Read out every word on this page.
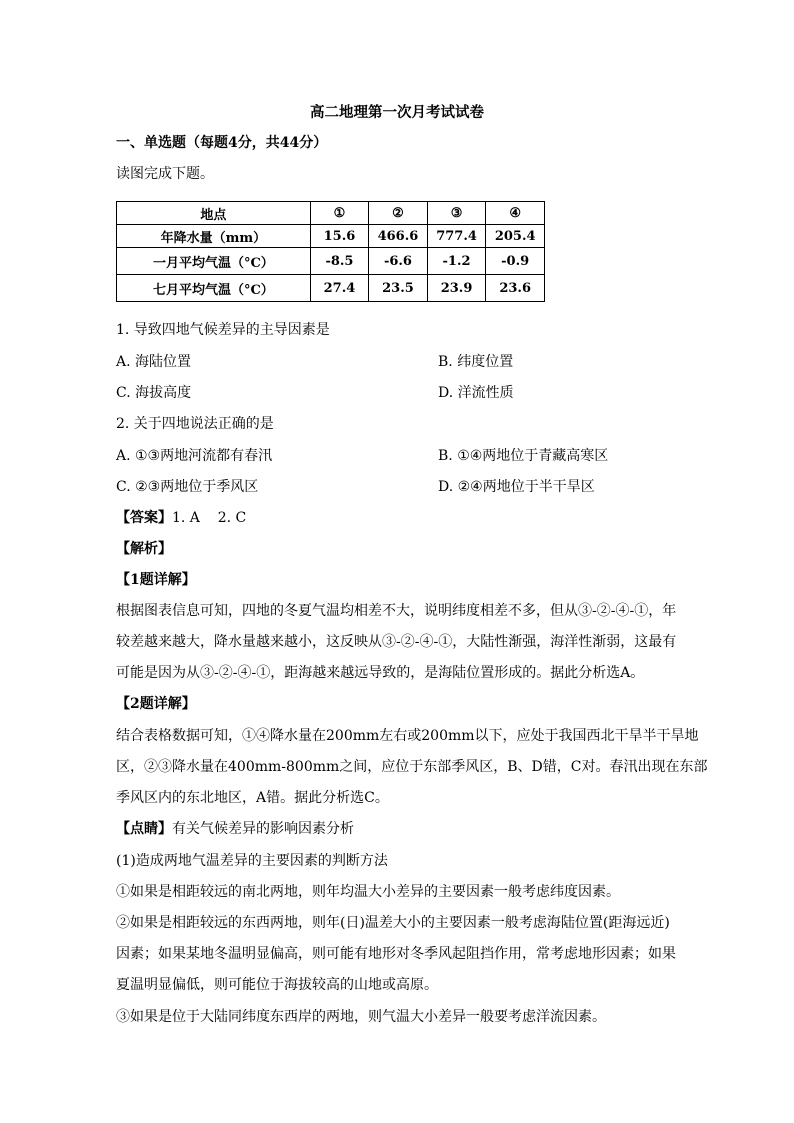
高二地理第一次月考试试卷
一、单选题（每题4分，共44分）
读图完成下题。
地点	①	②	③	④
年降水量（mm）	15.6	466.6	777.4	205.4
一月平均气温（°C）	-8.5	-6.6	-1.2	-0.9
七月平均气温（°C）	27.4	23.5	23.9	23.6
1. 导致四地气候差异的主导因素是
A. 海陆位置	B. 纬度位置
C. 海拔高度	D. 洋流性质
2. 关于四地说法正确的是
A. ①③两地河流都有春汛	B. ①④两地位于青藏高寒区
C. ②③两地位于季风区	D. ②④两地位于半干旱区
【答案】1. A    2. C
【解析】
【1题详解】
根据图表信息可知，四地的冬夏气温均相差不大，说明纬度相差不多，但从③-②-④-①，年
较差越来越大，降水量越来越小，这反映从③-②-④-①，大陆性渐强，海洋性渐弱，这最有
可能是因为从③-②-④-①，距海越来越远导致的，是海陆位置形成的。据此分析选A。
【2题详解】
结合表格数据可知，①④降水量在200mm左右或200mm以下，应处于我国西北干旱半干旱地
区，②③降水量在400mm-800mm之间，应位于东部季风区，B、D错，C对。春汛出现在东部
季风区内的东北地区，A错。据此分析选C。
【点睛】有关气候差异的影响因素分析
(1)造成两地气温差异的主要因素的判断方法
①如果是相距较远的南北两地，则年均温大小差异的主要因素一般考虑纬度因素。
②如果是相距较远的东西两地，则年(日)温差大小的主要因素一般考虑海陆位置(距海远近)
因素；如果某地冬温明显偏高，则可能有地形对冬季风起阻挡作用，常考虑地形因素；如果
夏温明显偏低，则可能位于海拔较高的山地或高原。
③如果是位于大陆同纬度东西岸的两地，则气温大小差异一般要考虑洋流因素。
